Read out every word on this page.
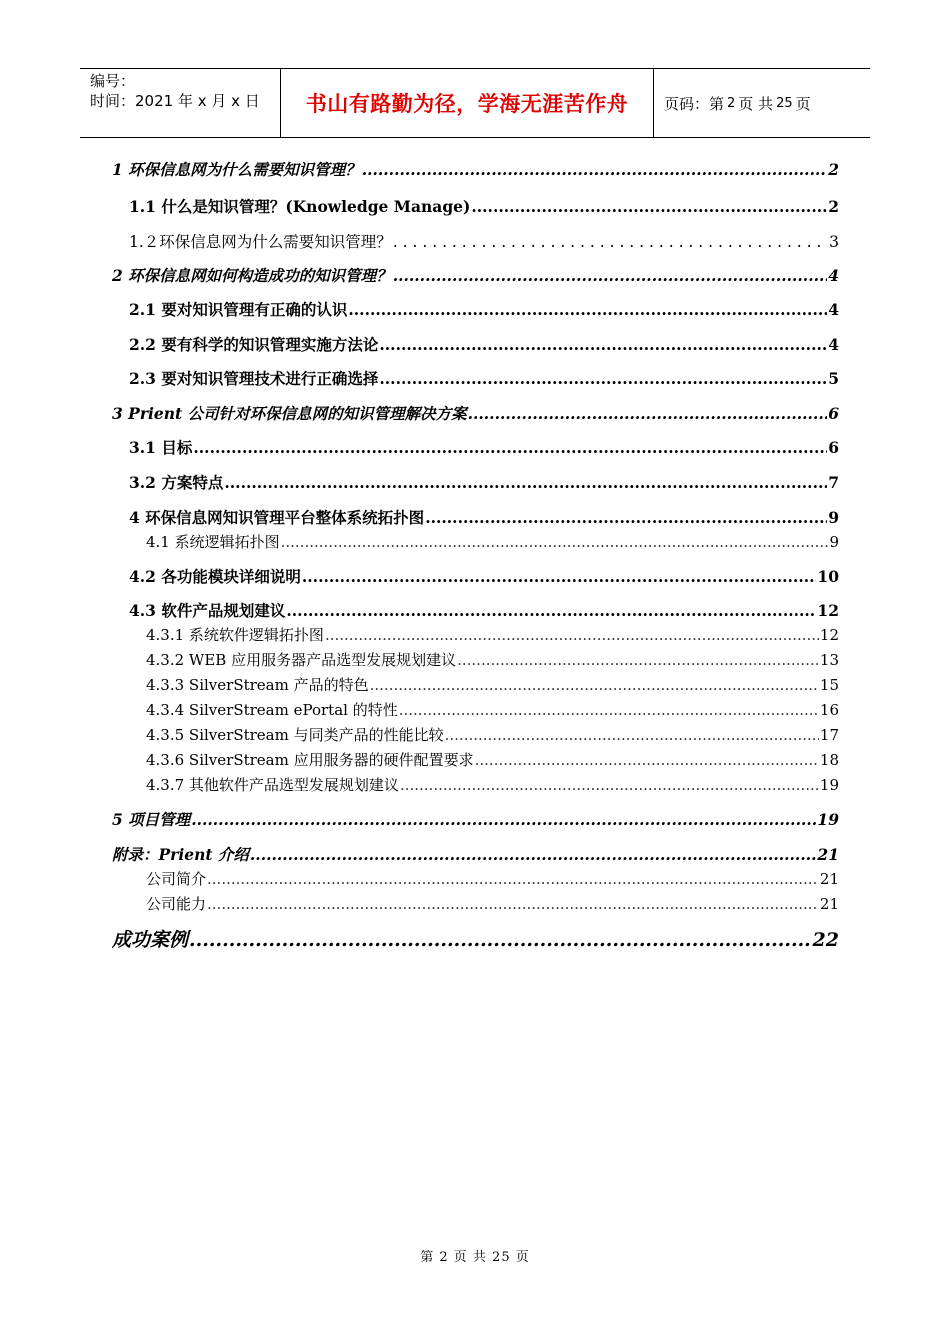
编号：
时间：2021 年 x 月 x 日	书山有路勤为径，学海无涯苦作舟 页码：第 2 页 共 25 页
1 环保信息网为什么需要知识管理？ .....	2
1.1 什么是知识管理？(Knowledge Manage) .....	2
1.２环保信息网为什么需要知识管理？ . . .	3
2 环保信息网如何构造成功的知识管理？ .....	4
2.1 要对知识管理有正确的认识 .....	4
2.2 要有科学的知识管理实施方法论 .....	4
2.3 要对知识管理技术进行正确选择 .....	5
3 Prient 公司针对环保信息网的知识管理解决方案 .....	6
3.1 目标 .....	6
3.2 方案特点 .....	7
4 环保信息网知识管理平台整体系统拓扑图 .....	9
4.1 系统逻辑拓扑图 .....	9
4.2 各功能模块详细说明 .....	10
4.3 软件产品规划建议 .....	12
4.3.1 系统软件逻辑拓扑图 .....	12
4.3.2 WEB 应用服务器产品选型发展规划建议 .....	13
4.3.3 SilverStream 产品的特色 .....	15
4.3.4 SilverStream ePortal 的特性 .....	16
4.3.5 SilverStream 与同类产品的性能比较 .....	17
4.3.6 SilverStream 应用服务器的硬件配置要求 .....	18
4.3.7 其他软件产品选型发展规划建议 .....	19
5 项目管理 .....	19
附录：Prient 介绍 .....	21
公司简介 .....	21
公司能力 .....	21
成功案例 .....	22
第 2 页 共 25 页
